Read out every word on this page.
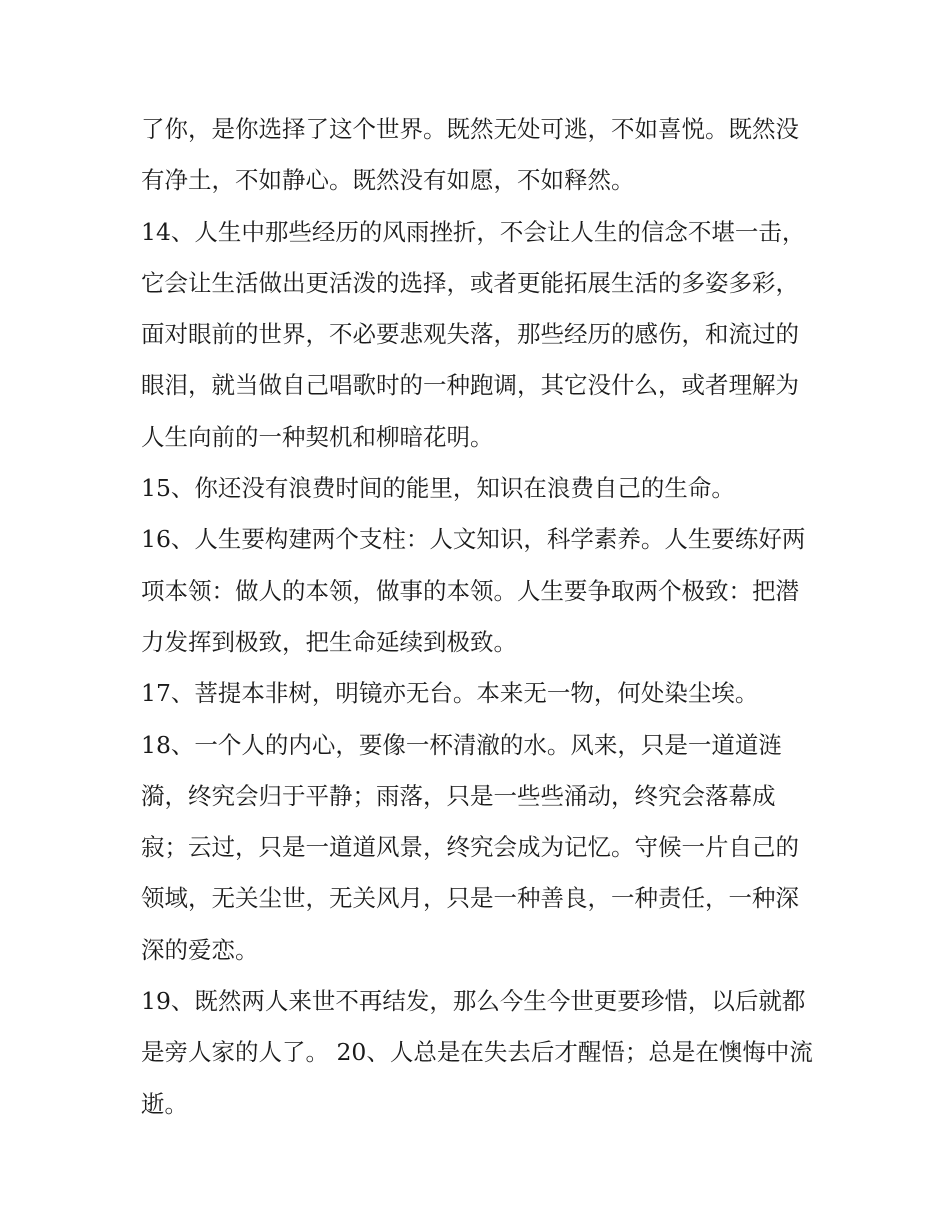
了你，是你选择了这个世界。既然无处可逃，不如喜悦。既然没有净土，不如静心。既然没有如愿，不如释然。

14、人生中那些经历的风雨挫折，不会让人生的信念不堪一击，它会让生活做出更活泼的选择，或者更能拓展生活的多姿多彩，面对眼前的世界，不必要悲观失落，那些经历的感伤，和流过的眼泪，就当做自己唱歌时的一种跑调，其它没什么，或者理解为人生向前的一种契机和柳暗花明。

15、你还没有浪费时间的能里，知识在浪费自己的生命。

16、人生要构建两个支柱：人文知识，科学素养。人生要练好两项本领：做人的本领，做事的本领。人生要争取两个极致：把潜力发挥到极致，把生命延续到极致。

17、菩提本非树，明镜亦无台。本来无一物，何处染尘埃。

18、一个人的内心，要像一杯清澈的水。风来，只是一道道涟漪，终究会归于平静；雨落，只是一些些涌动，终究会落幕成寂；云过，只是一道道风景，终究会成为记忆。守候一片自己的领域，无关尘世，无关风月，只是一种善良，一种责任，一种深深的爱恋。

19、既然两人来世不再结发，那么今生今世更要珍惜，以后就都是旁人家的人了。 20、人总是在失去后才醒悟；总是在懊悔中流逝。
